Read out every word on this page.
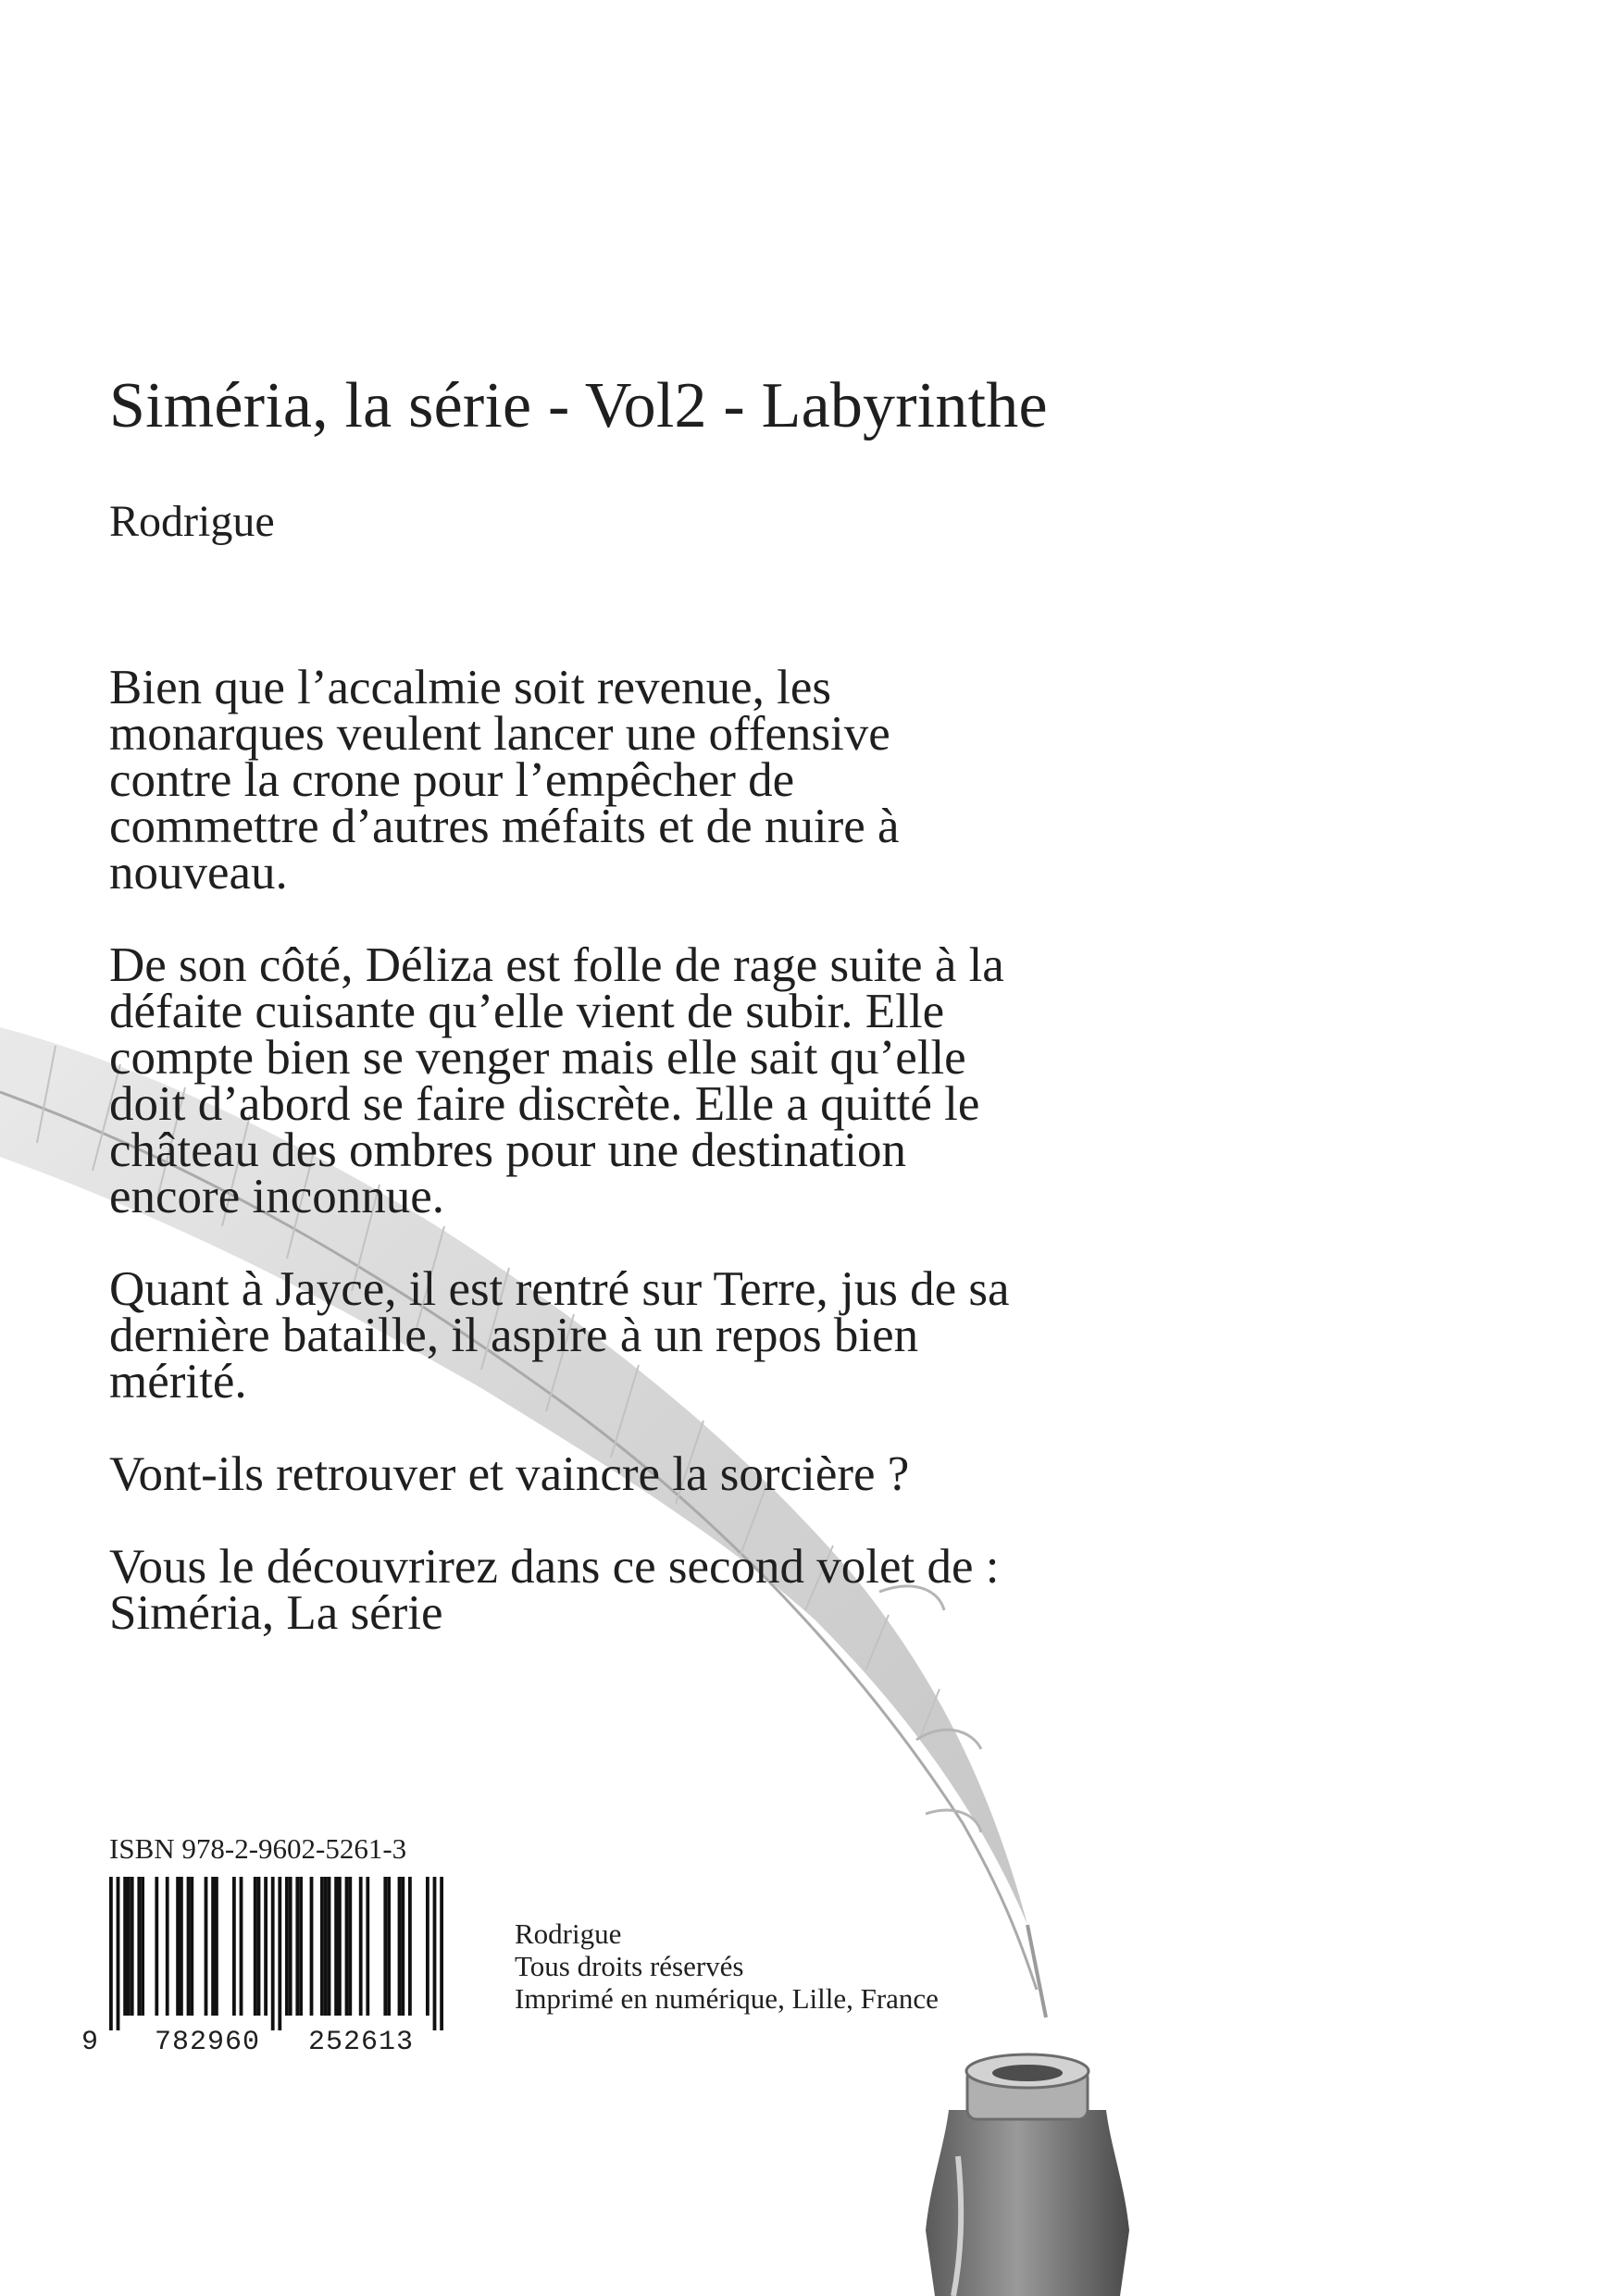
Siméria, la série - Vol2 - Labyrinthe
Rodrigue

Bien que l’accalmie soit revenue, les
monarques veulent lancer une offensive
contre la crone pour l’empêcher de
commettre d’autres méfaits et de nuire à
nouveau.

De son côté, Déliza est folle de rage suite à la
défaite cuisante qu’elle vient de subir. Elle
compte bien se venger mais elle sait qu’elle
doit d’abord se faire discrète. Elle a quitté le
château des ombres pour une destination
encore inconnue.

Quant à Jayce, il est rentré sur Terre, jus de sa
dernière bataille, il aspire à un repos bien
mérité.

Vont-ils retrouver et vaincre la sorcière ?

Vous le découvrirez dans ce second volet de :
Siméria, La série

ISBN 978-2-9602-5261-3
9 782960 252613
Rodrigue
Tous droits réservés
Imprimé en numérique, Lille, France
